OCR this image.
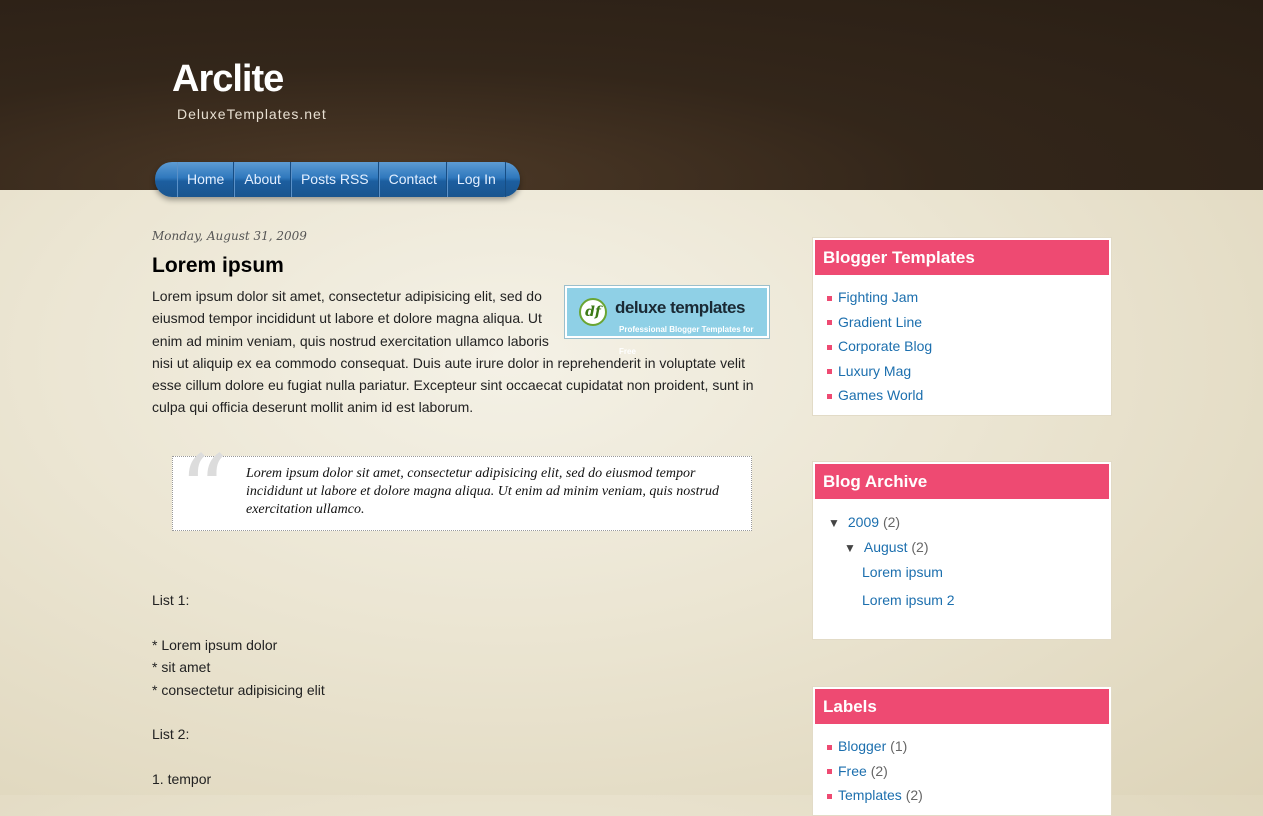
Arclite
DeluxeTemplates.net
Home	About	Posts RSS	Contact	Log In
Monday, August 31, 2009
Lorem ipsum
df deluxe templates
Professional Blogger Templates for Free
Lorem ipsum dolor sit amet, consectetur adipisicing elit, sed do eiusmod tempor incididunt ut labore et dolore magna aliqua. Ut enim ad minim veniam, quis nostrud exercitation ullamco laboris nisi ut aliquip ex ea commodo consequat. Duis aute irure dolor in reprehenderit in voluptate velit esse cillum dolore eu fugiat nulla pariatur. Excepteur sint occaecat cupidatat non proident, sunt in culpa qui officia deserunt mollit anim id est laborum.
“ Lorem ipsum dolor sit amet, consectetur adipisicing elit, sed do eiusmod tempor incididunt ut labore et dolore magna aliqua. Ut enim ad minim veniam, quis nostrud exercitation ullamco.
List 1:
* Lorem ipsum dolor
* sit amet
* consectetur adipisicing elit
List 2:
1. tempor
Blogger Templates
Fighting Jam
Gradient Line
Corporate Blog
Luxury Mag
Games World
Blog Archive
▼ 2009 (2)
▼ August (2)
Lorem ipsum
Lorem ipsum 2
Labels
Blogger (1)
Free (2)
Templates (2)
